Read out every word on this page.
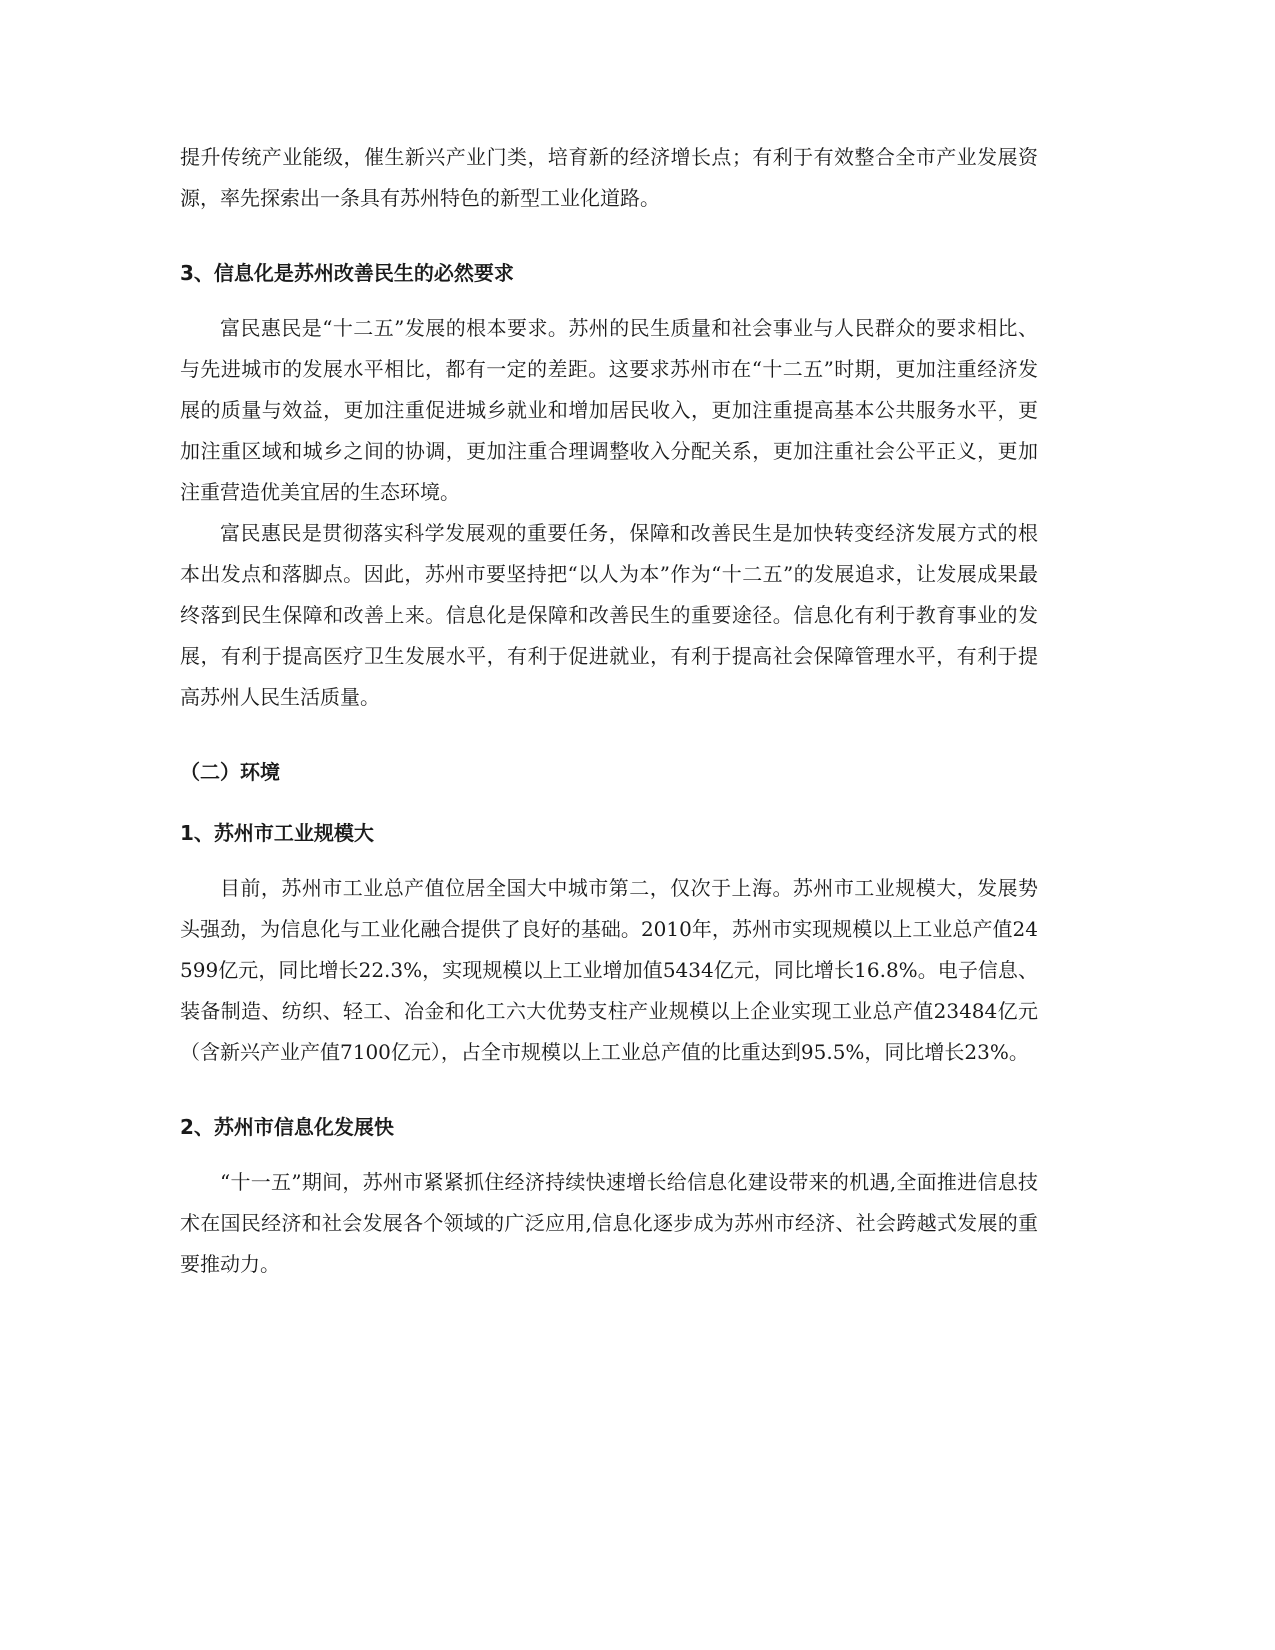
提升传统产业能级，催生新兴产业门类，培育新的经济增长点；有利于有效整合全市产业发展资源，率先探索出一条具有苏州特色的新型工业化道路。

3、信息化是苏州改善民生的必然要求

富民惠民是“十二五”发展的根本要求。苏州的民生质量和社会事业与人民群众的要求相比、与先进城市的发展水平相比，都有一定的差距。这要求苏州市在“十二五”时期，更加注重经济发展的质量与效益，更加注重促进城乡就业和增加居民收入，更加注重提高基本公共服务水平，更加注重区域和城乡之间的协调，更加注重合理调整收入分配关系，更加注重社会公平正义，更加注重营造优美宜居的生态环境。

富民惠民是贯彻落实科学发展观的重要任务，保障和改善民生是加快转变经济发展方式的根本出发点和落脚点。因此，苏州市要坚持把“以人为本”作为“十二五”的发展追求，让发展成果最终落到民生保障和改善上来。信息化是保障和改善民生的重要途径。信息化有利于教育事业的发展，有利于提高医疗卫生发展水平，有利于促进就业，有利于提高社会保障管理水平，有利于提高苏州人民生活质量。

（二）环境

1、苏州市工业规模大

目前，苏州市工业总产值位居全国大中城市第二，仅次于上海。苏州市工业规模大，发展势头强劲，为信息化与工业化融合提供了良好的基础。2010年，苏州市实现规模以上工业总产值24599亿元，同比增长22.3%，实现规模以上工业增加值5434亿元，同比增长16.8%。电子信息、装备制造、纺织、轻工、冶金和化工六大优势支柱产业规模以上企业实现工业总产值23484亿元（含新兴产业产值7100亿元），占全市规模以上工业总产值的比重达到95.5%，同比增长23%。

2、苏州市信息化发展快

“十一五”期间，苏州市紧紧抓住经济持续快速增长给信息化建设带来的机遇,全面推进信息技术在国民经济和社会发展各个领域的广泛应用,信息化逐步成为苏州市经济、社会跨越式发展的重要推动力。
